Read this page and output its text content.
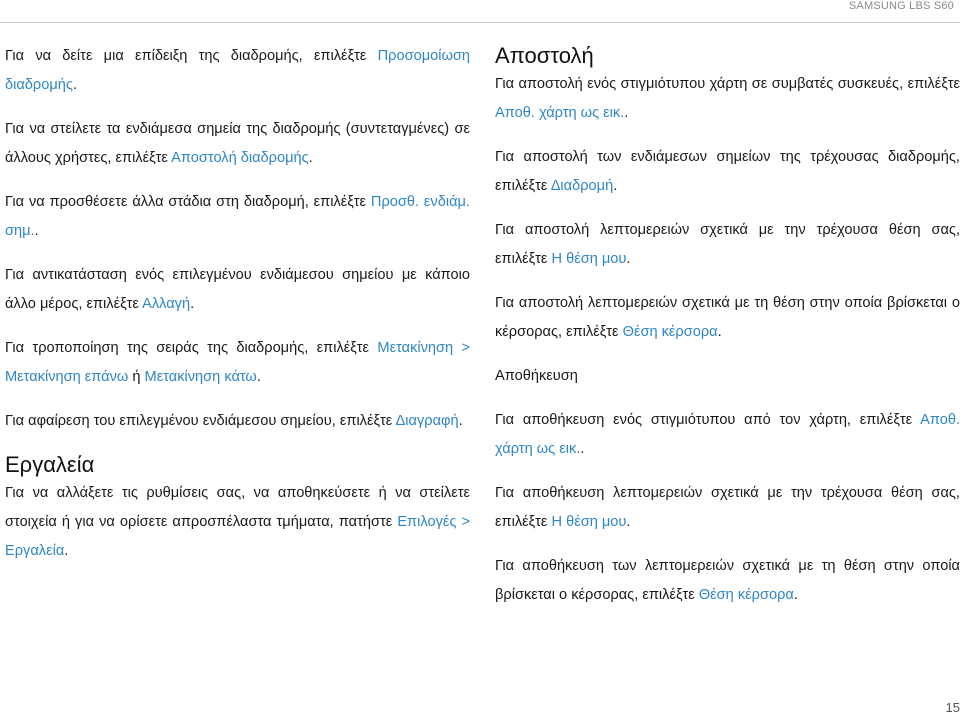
SAMSUNG LBS S60

Για να δείτε μια επίδειξη της διαδρομής, επιλέξτε Προσομοίωση διαδρομής.

Για να στείλετε τα ενδιάμεσα σημεία της διαδρομής (συντεταγμένες) σε άλλους χρήστες, επιλέξτε Αποστολή διαδρομής.

Για να προσθέσετε άλλα στάδια στη διαδρομή, επιλέξτε Προσθ. ενδιάμ. σημ..

Για αντικατάσταση ενός επιλεγμένου ενδιάμεσου σημείου με κάποιο άλλο μέρος, επιλέξτε Αλλαγή.

Για τροποποίηση της σειράς της διαδρομής, επιλέξτε Μετακίνηση > Μετακίνηση επάνω ή Μετακίνηση κάτω.

Για αφαίρεση του επιλεγμένου ενδιάμεσου σημείου, επιλέξτε Διαγραφή.

Εργαλεία

Για να αλλάξετε τις ρυθμίσεις σας, να αποθηκεύσετε ή να στείλετε στοιχεία ή για να ορίσετε απροσπέλαστα τμήματα, πατήστε Επιλογές > Εργαλεία.

Αποστολή

Για αποστολή ενός στιγμιότυπου χάρτη σε συμβατές συσκευές, επιλέξτε Αποθ. χάρτη ως εικ..

Για αποστολή των ενδιάμεσων σημείων της τρέχουσας διαδρομής, επιλέξτε Διαδρομή.

Για αποστολή λεπτομερειών σχετικά με την τρέχουσα θέση σας, επιλέξτε Η θέση μου.

Για αποστολή λεπτομερειών σχετικά με τη θέση στην οποία βρίσκεται ο κέρσορας, επιλέξτε Θέση κέρσορα.

Αποθήκευση

Για αποθήκευση ενός στιγμιότυπου από τον χάρτη, επιλέξτε Αποθ. χάρτη ως εικ..

Για αποθήκευση λεπτομερειών σχετικά με την τρέχουσα θέση σας, επιλέξτε Η θέση μου.

Για αποθήκευση των λεπτομερειών σχετικά με τη θέση στην οποία βρίσκεται ο κέρσορας, επιλέξτε Θέση κέρσορα.

15
